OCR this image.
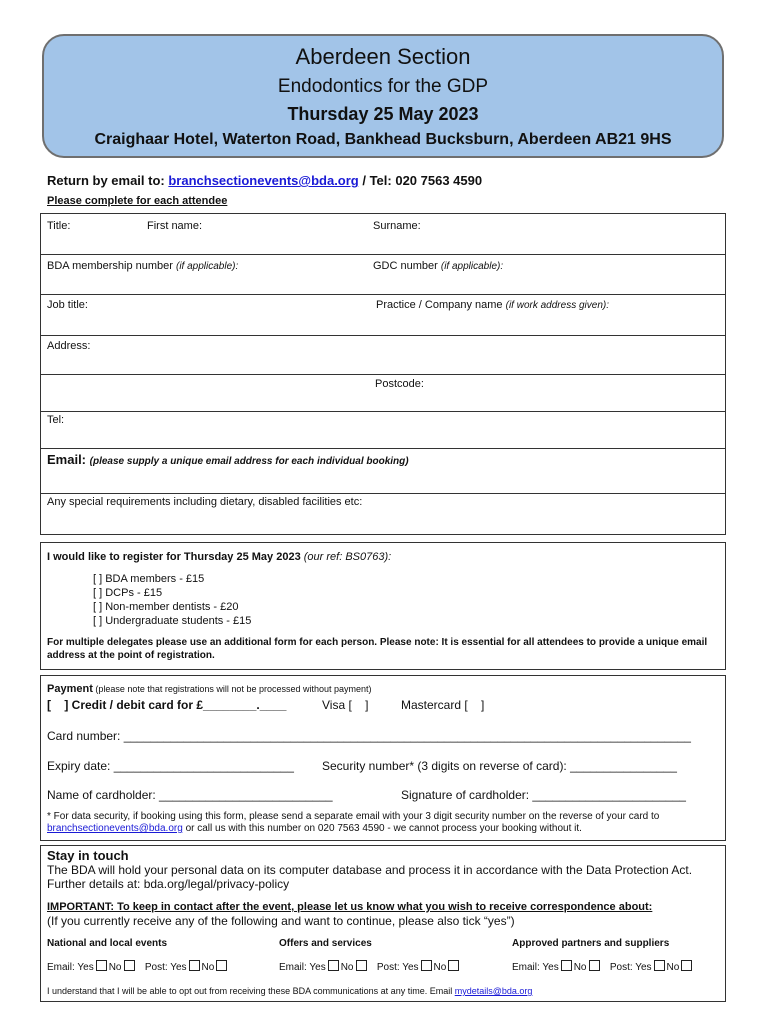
Aberdeen Section
Endodontics for the GDP
Thursday 25 May 2023
Craighaar Hotel, Waterton Road, Bankhead Bucksburn, Aberdeen AB21 9HS
Return by email to: branchsectionevents@bda.org / Tel: 020 7563 4590
Please complete for each attendee
Title:	First name:	Surname:
BDA membership number (if applicable):	GDC number (if applicable):
Job title:	Practice / Company name (if work address given):
Address:
Postcode:
Tel:
Email: (please supply a unique email address for each individual booking)
Any special requirements including dietary, disabled facilities etc:
I would like to register for Thursday 25 May 2023 (our ref: BS0763):
[ ] BDA members - £15
[ ] DCPs - £15
[ ] Non-member dentists - £20
[ ] Undergraduate students - £15
For multiple delegates please use an additional form for each person. Please note: It is essential for all attendees to provide a unique email address at the point of registration.
Payment (please note that registrations will not be processed without payment)
[    ] Credit / debit card for £________.____	Visa [    ]	Mastercard [    ]
Card number: _____________________________________________________________________________________
Expiry date: ___________________________ Security number* (3 digits on reverse of card): ________________
Name of cardholder: __________________________	Signature of cardholder: _______________________
* For data security, if booking using this form, please send a separate email with your 3 digit security number on the reverse of your card to branchsectionevents@bda.org or call us with this number on 020 7563 4590 - we cannot process your booking without it.
Stay in touch
The BDA will hold your personal data on its computer database and process it in accordance with the Data Protection Act. Further details at: bda.org/legal/privacy-policy
IMPORTANT: To keep in contact after the event, please let us know what you wish to receive correspondence about:
(If you currently receive any of the following and want to continue, please also tick “yes”)
National and local events	Offers and services	Approved partners and suppliers
Email: Yes No Post: Yes No	Email: Yes No Post: Yes No	Email: Yes No Post: Yes No
I understand that I will be able to opt out from receiving these BDA communications at any time. Email mydetails@bda.org
